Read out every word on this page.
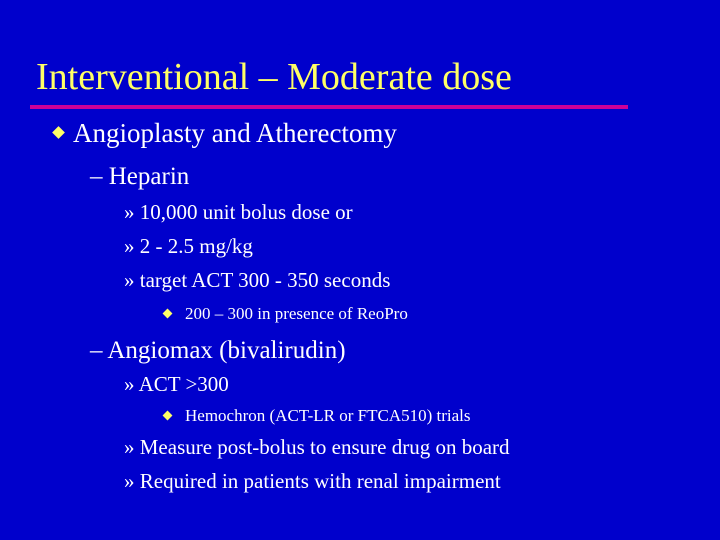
Interventional – Moderate dose
Angioplasty and Atherectomy
– Heparin
» 10,000 unit bolus dose or
» 2 - 2.5 mg/kg
» target ACT 300 - 350 seconds
200 – 300 in presence of ReoPro
– Angiomax (bivalirudin)
» ACT >300
Hemochron (ACT-LR or FTCA510) trials
» Measure post-bolus to ensure drug on board
» Required in patients with renal impairment
